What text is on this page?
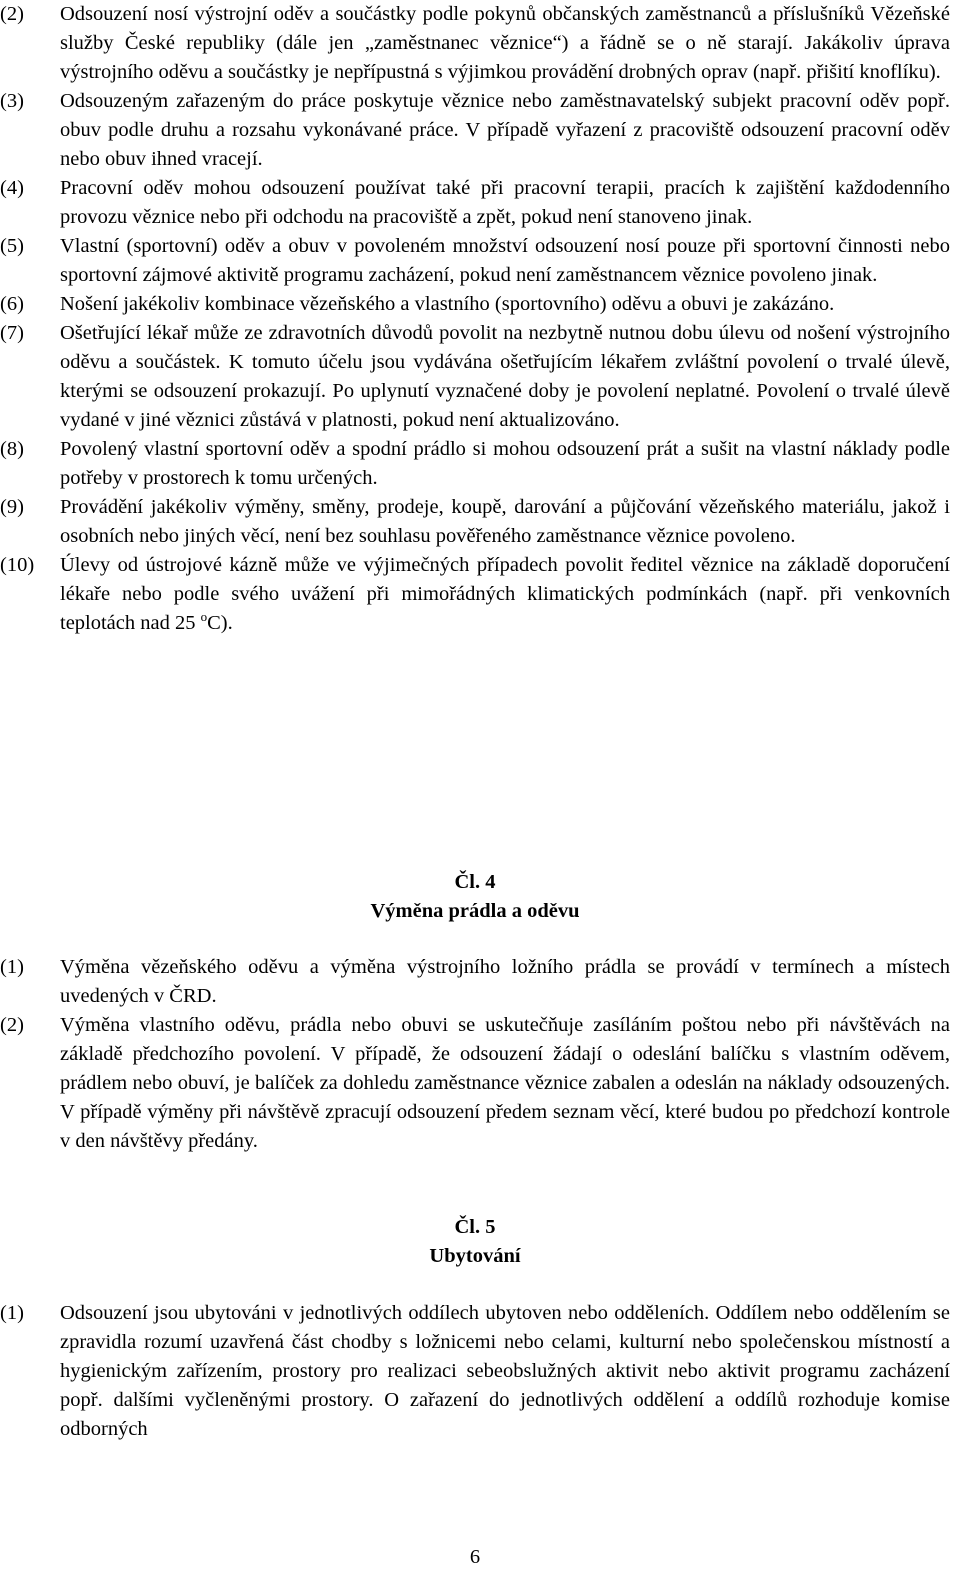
(2)	Odsouzení nosí výstrojní oděv a součástky podle pokynů občanských zaměstnanců a příslušníků Vězeňské služby České republiky (dále jen „zaměstnanec věznice“) a řádně se o ně starají. Jakákoliv úprava výstrojního oděvu a součástky je nepřípustná s výjimkou provádění drobných oprav (např. přišití knoflíku).
(3)	Odsouzeným zařazeným do práce poskytuje věznice nebo zaměstnavatelský subjekt pracovní oděv popř. obuv podle druhu a rozsahu vykonávané práce. V případě vyřazení z pracoviště odsouzení pracovní oděv nebo obuv ihned vracejí.
(4)	Pracovní oděv mohou odsouzení používat také při pracovní terapii, pracích k zajištění každodenního provozu věznice nebo při odchodu na pracoviště a zpět, pokud není stanoveno jinak.
(5)	Vlastní (sportovní) oděv a obuv v povoleném množství odsouzení nosí pouze při sportovní činnosti nebo sportovní zájmové aktivitě programu zacházení, pokud není zaměstnancem věznice povoleno jinak.
(6)	Nošení jakékoliv kombinace vězeňského a vlastního (sportovního) oděvu a obuvi je zakázáno.
(7)	Ošetřující lékař může ze zdravotních důvodů povolit na nezbytně nutnou dobu úlevu od nošení výstrojního oděvu a součástek. K tomuto účelu jsou vydávána ošetřujícím lékařem zvláštní povolení o trvalé úlevě, kterými se odsouzení prokazují. Po uplynutí vyznačené doby je povolení neplatné. Povolení o trvalé úlevě vydané v jiné věznici zůstává v platnosti, pokud není aktualizováno.
(8)	Povolený vlastní sportovní oděv a spodní prádlo si mohou odsouzení prát a sušit na vlastní náklady podle potřeby v prostorech k tomu určených.
(9)	Provádění jakékoliv výměny, směny, prodeje, koupě, darování a půjčování vězeňského materiálu, jakož i osobních nebo jiných věcí, není bez souhlasu pověřeného zaměstnance věznice povoleno.
(10)	Úlevy od ústrojové kázně může ve výjimečných případech povolit ředitel věznice na základě doporučení lékaře nebo podle svého uvážení při mimořádných klimatických podmínkách (např. při venkovních teplotách nad 25 $^o$C).
Čl. 4
Výměna prádla a oděvu
(1)	Výměna vězeňského oděvu a výměna výstrojního ložního prádla se provádí v termínech a místech uvedených v ČRD.
(2)	Výměna vlastního oděvu, prádla nebo obuvi se uskutečňuje zasíláním poštou nebo při návštěvách na základě předchozího povolení. V případě, že odsouzení žádají o odeslání balíčku s vlastním oděvem, prádlem nebo obuví, je balíček za dohledu zaměstnance věznice zabalen a odeslán na náklady odsouzených. V případě výměny při návštěvě zpracují odsouzení předem seznam věcí, které budou po předchozí kontrole v den návštěvy předány.
Čl. 5
Ubytování
(1)	Odsouzení jsou ubytováni v jednotlivých oddílech ubytoven nebo odděleních. Oddílem nebo oddělením se zpravidla rozumí uzavřená část chodby s ložnicemi nebo celami, kulturní nebo společenskou místností a hygienickým zařízením, prostory pro realizaci sebeobslužných aktivit nebo aktivit programu zacházení popř. dalšími vyčleněnými prostory. O zařazení do jednotlivých oddělení a oddílů rozhoduje komise odborných
6
